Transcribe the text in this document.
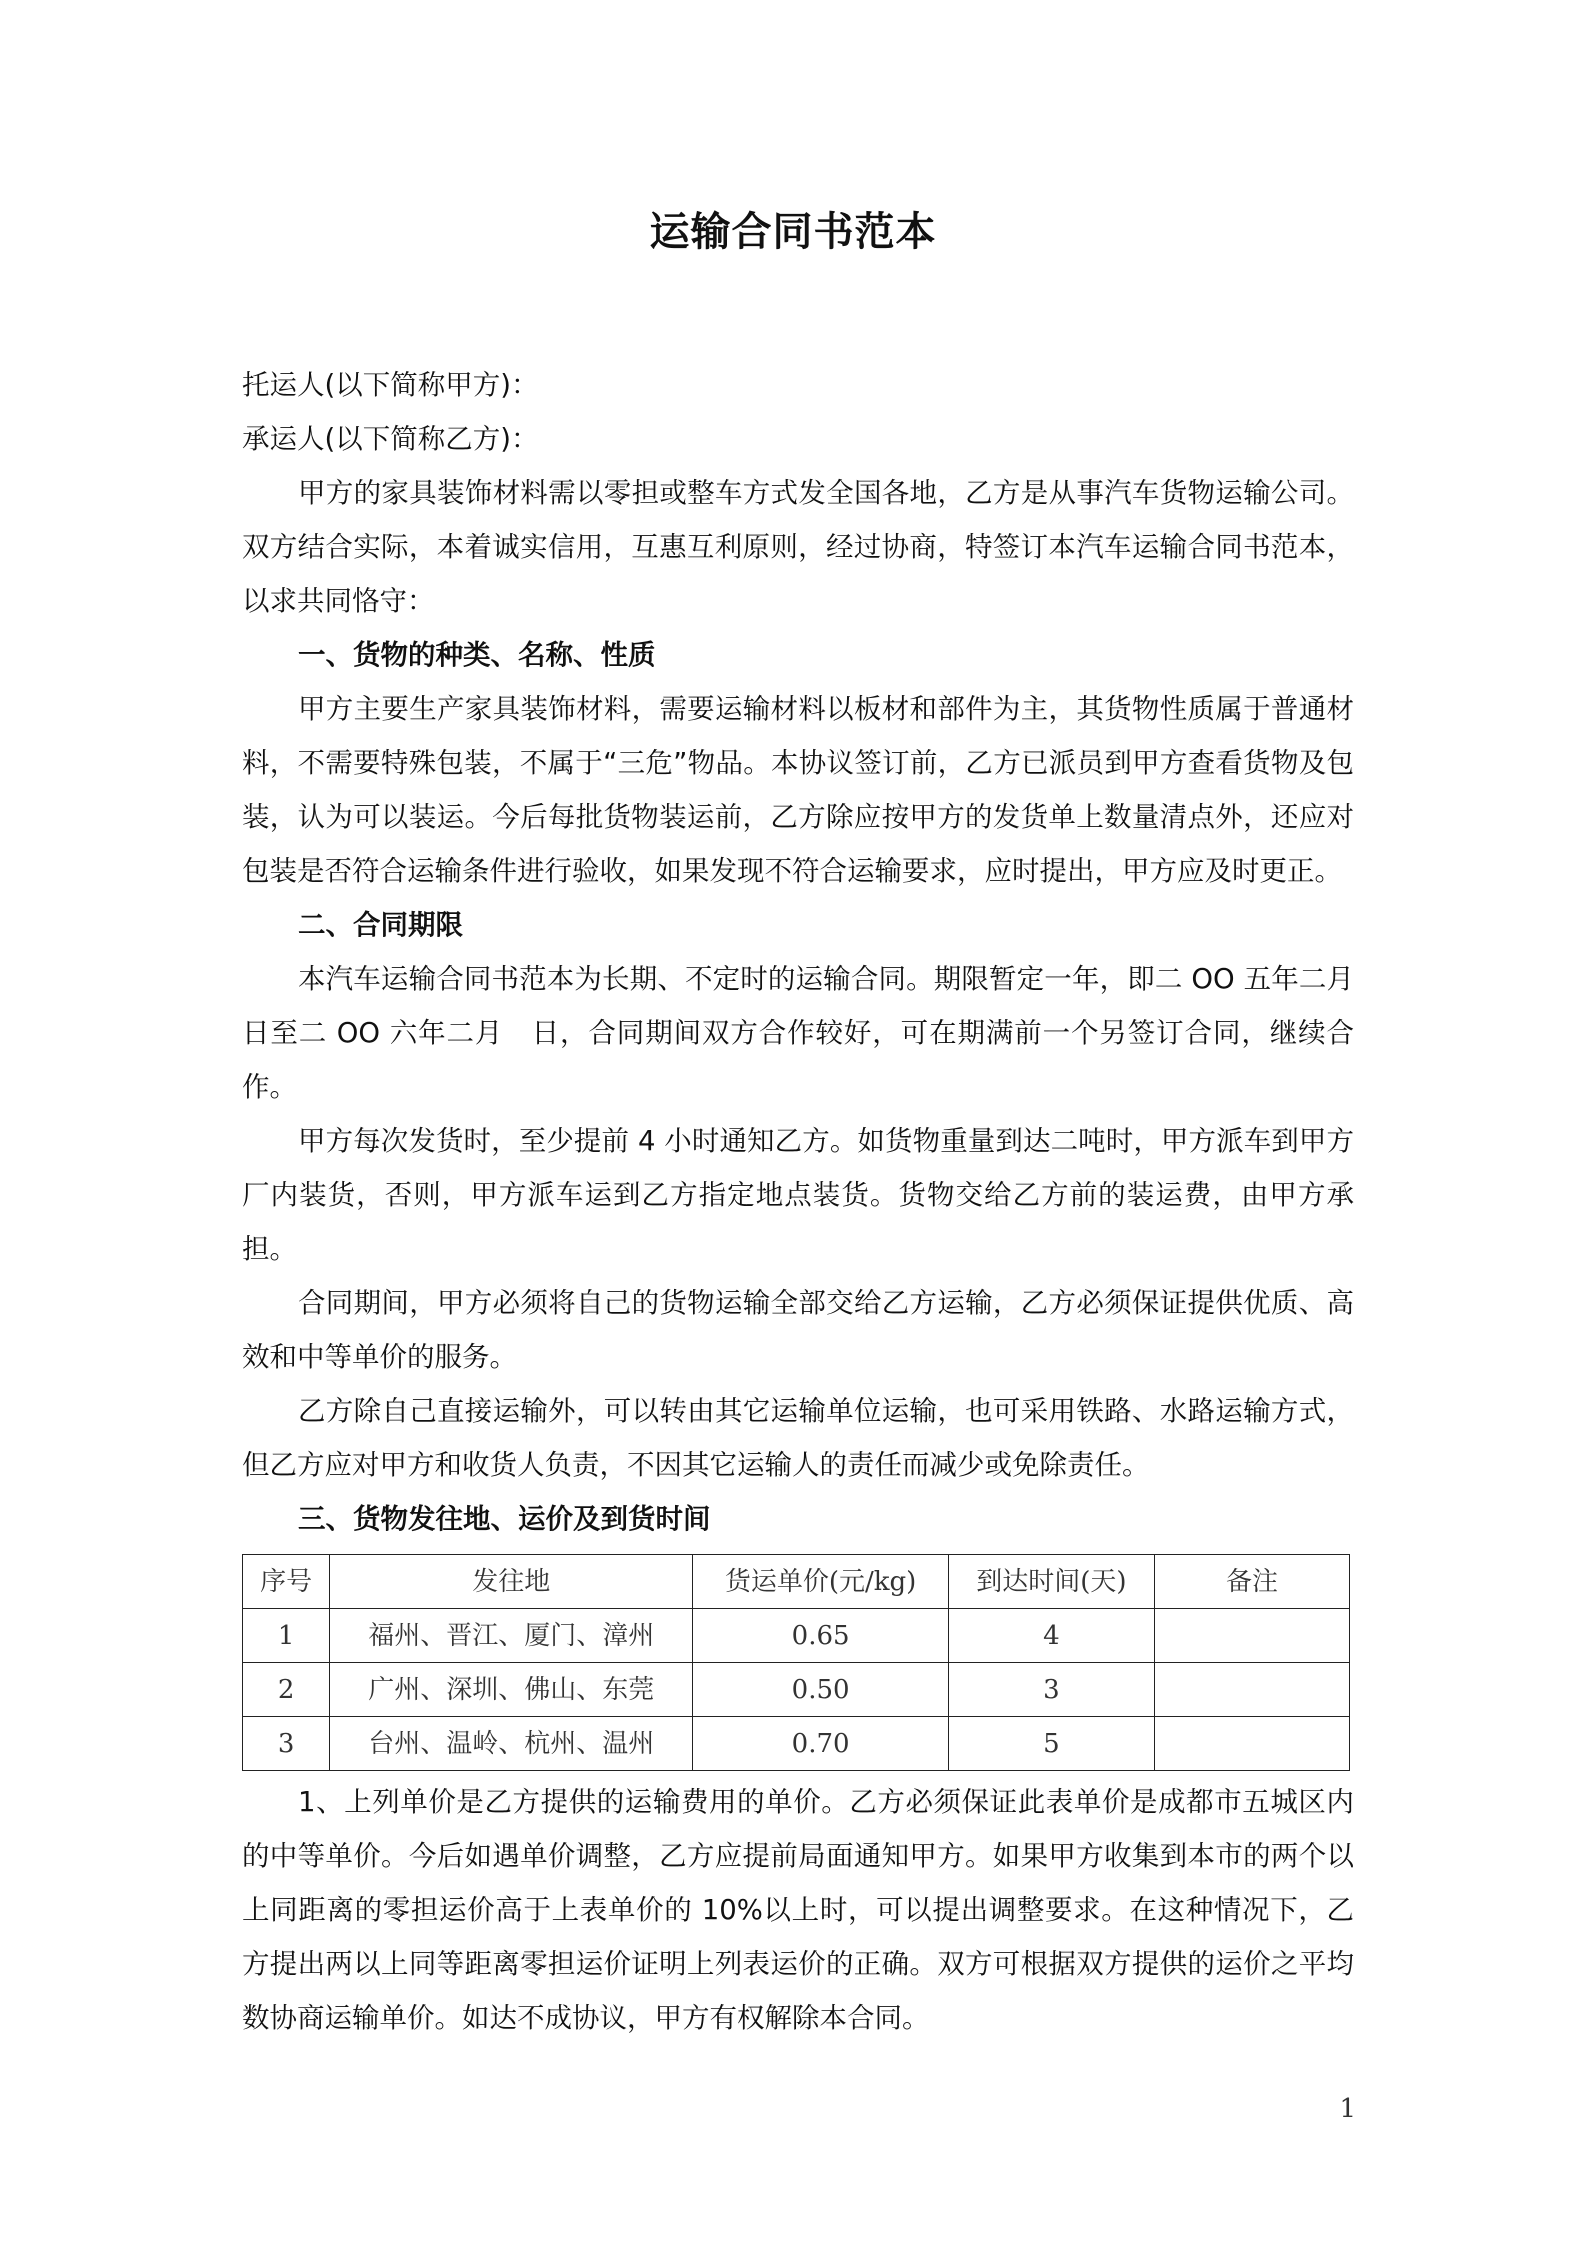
运输合同书范本

托运人(以下简称甲方)：

承运人(以下简称乙方)：

甲方的家具装饰材料需以零担或整车方式发全国各地，乙方是从事汽车货物运输公司。双方结合实际，本着诚实信用，互惠互利原则，经过协商，特签订本汽车运输合同书范本，以求共同恪守：

一、货物的种类、名称、性质

甲方主要生产家具装饰材料，需要运输材料以板材和部件为主，其货物性质属于普通材料，不需要特殊包装，不属于“三危”物品。本协议签订前，乙方已派员到甲方查看货物及包装，认为可以装运。今后每批货物装运前，乙方除应按甲方的发货单上数量清点外，还应对包装是否符合运输条件进行验收，如果发现不符合运输要求，应时提出，甲方应及时更正。

二、合同期限

本汽车运输合同书范本为长期、不定时的运输合同。期限暂定一年，即二 OO 五年二月　日至二 OO 六年二月　日，合同期间双方合作较好，可在期满前一个另签订合同，继续合作。

甲方每次发货时，至少提前 4 小时通知乙方。如货物重量到达二吨时，甲方派车到甲方厂内装货，否则，甲方派车运到乙方指定地点装货。货物交给乙方前的装运费，由甲方承担。

合同期间，甲方必须将自己的货物运输全部交给乙方运输，乙方必须保证提供优质、高效和中等单价的服务。

乙方除自己直接运输外，可以转由其它运输单位运输，也可采用铁路、水路运输方式，但乙方应对甲方和收货人负责，不因其它运输人的责任而减少或免除责任。

三、货物发往地、运价及到货时间

序号	发往地	货运单价(元/kg)	到达时间(天)	备注
1	福州、晋江、厦门、漳州	0.65	4	
2	广州、深圳、佛山、东莞	0.50	3	
3	台州、温岭、杭州、温州	0.70	5	

1、上列单价是乙方提供的运输费用的单价。乙方必须保证此表单价是成都市五城区内的中等单价。今后如遇单价调整，乙方应提前局面通知甲方。如果甲方收集到本市的两个以上同距离的零担运价高于上表单价的 10%以上时，可以提出调整要求。在这种情况下，乙方提出两以上同等距离零担运价证明上列表运价的正确。双方可根据双方提供的运价之平均数协商运输单价。如达不成协议，甲方有权解除本合同。

1
